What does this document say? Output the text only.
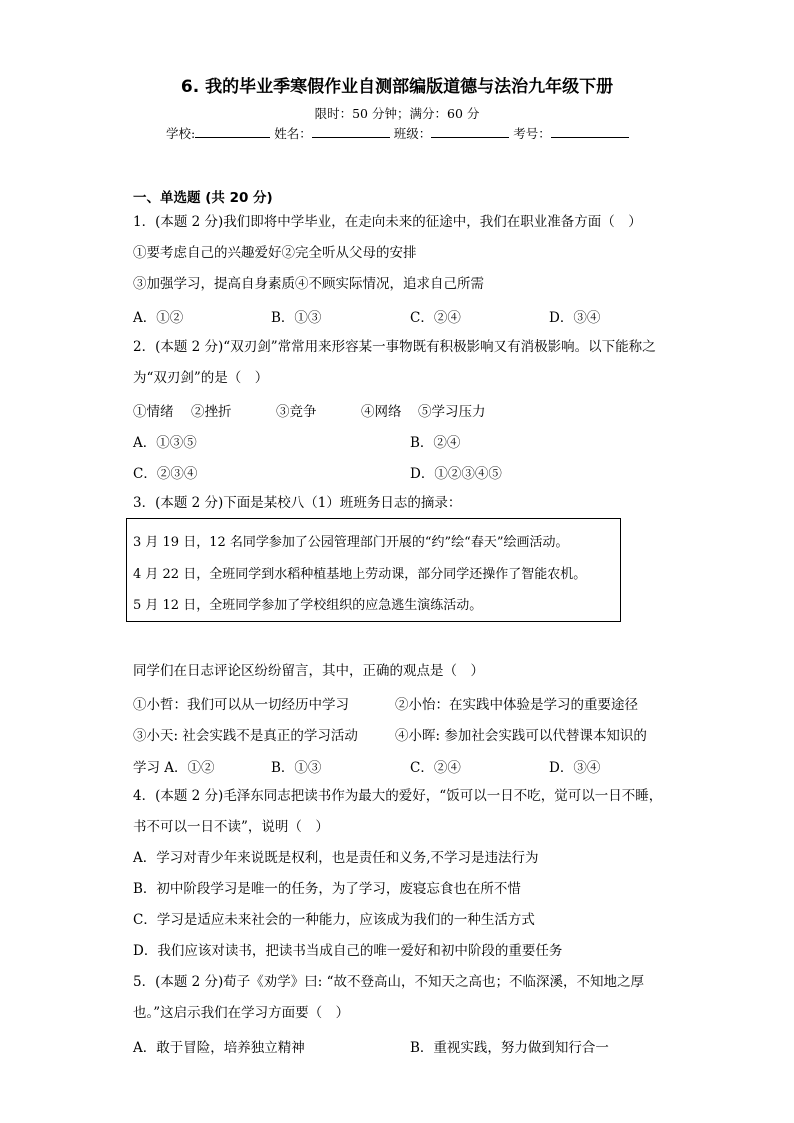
6. 我的毕业季寒假作业自测部编版道德与法治九年级下册
限时：50 分钟；满分：60 分
学校:	姓名：	班级：	考号：
一、单选题 (共 20 分)
1．(本题 2 分)我们即将中学毕业，在走向未来的征途中，我们在职业准备方面（　）
①要考虑自己的兴趣爱好②完全听从父母的安排
③加强学习，提高自身素质④不顾实际情况，追求自己所需
A．①②	B．①③	C．②④	D．③④
2．(本题 2 分)“双刃剑”常常用来形容某一事物既有积极影响又有消极影响。以下能称之
为“双刃剑”的是（　）
①情绪 ②挫折	③竞争	④网络 ⑤学习压力
A．①③⑤	B．②④
C．②③④	D．①②③④⑤
3．(本题 2 分)下面是某校八（1）班班务日志的摘录：
3 月 19 日，12 名同学参加了公园管理部门开展的“约”绘“春天”绘画活动。
4 月 22 日，全班同学到水稻种植基地上劳动课，部分同学还操作了智能农机。
5 月 12 日，全班同学参加了学校组织的应急逃生演练活动。
同学们在日志评论区纷纷留言，其中，正确的观点是（　）
①小哲：我们可以从一切经历中学习	②小怡：在实践中体验是学习的重要途径
③小天: 社会实践不是真正的学习活动	④小晖: 参加社会实践可以代替课本知识的
学习 A．①②	B．①③	C．②④	D．③④
4．(本题 2 分)毛泽东同志把读书作为最大的爱好，“饭可以一日不吃，觉可以一日不睡，
书不可以一日不读”，说明（　）
A．学习对青少年来说既是权利，也是责任和义务,不学习是违法行为
B．初中阶段学习是唯一的任务，为了学习，废寝忘食也在所不惜
C．学习是适应未来社会的一种能力，应该成为我们的一种生活方式
D．我们应该对读书，把读书当成自己的唯一爱好和初中阶段的重要任务
5．(本题 2 分)荀子《劝学》曰: “故不登高山，不知天之高也；不临深溪，不知地之厚
也。”这启示我们在学习方面要（　）
A．敢于冒险，培养独立精神	B．重视实践，努力做到知行合一
